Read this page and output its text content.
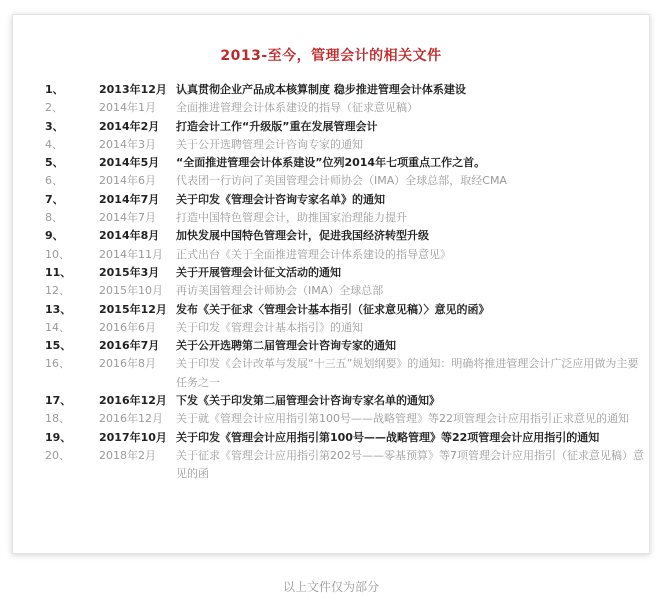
2013-至今，管理会计的相关文件
1、	2013年12月 认真贯彻企业产品成本核算制度 稳步推进管理会计体系建设
2、	2014年1月	全面推进管理会计体系建设的指导（征求意见稿）
3、	2014年2月	打造会计工作“升级版”重在发展管理会计
4、	2014年3月	关于公开选聘管理会计咨询专家的通知
5、	2014年5月	“全面推进管理会计体系建设”位列2014年七项重点工作之首。
6、	2014年6月	代表团一行访问了美国管理会计师协会（IMA）全球总部，取经CMA
7、	2014年7月	关于印发《管理会计咨询专家名单》的通知
8、	2014年7月	打造中国特色管理会计，助推国家治理能力提升
9、	2014年8月	加快发展中国特色管理会计，促进我国经济转型升级
10、	2014年11月	正式出台《关于全面推进管理会计体系建设的指导意见》
11、	2015年3月	关于开展管理会计征文活动的通知
12、	2015年10月	再访美国管理会计师协会（IMA）全球总部
13、	2015年12月 发布《关于征求〈管理会计基本指引（征求意见稿）〉意见的函》
14、	2016年6月	关于印发《管理会计基本指引》的通知
15、	2016年7月	关于公开选聘第二届管理会计咨询专家的通知
16、	2016年8月	关于印发《会计改革与发展“十三五”规划纲要》的通知：明确将推进管理会计广泛应用做为主要任务之一
17、	2016年12月 下发《关于印发第二届管理会计咨询专家名单的通知》
18、	2016年12月	关于就《管理会计应用指引第100号——战略管理》等22项管理会计应用指引正求意见的通知
19、	2017年10月 关于印发《管理会计应用指引第100号——战略管理》等22项管理会计应用指引的通知
20、	2018年2月	关于征求《管理会计应用指引第202号——零基预算》等7项管理会计应用指引（征求意见稿）意见的函
以上文件仅为部分
